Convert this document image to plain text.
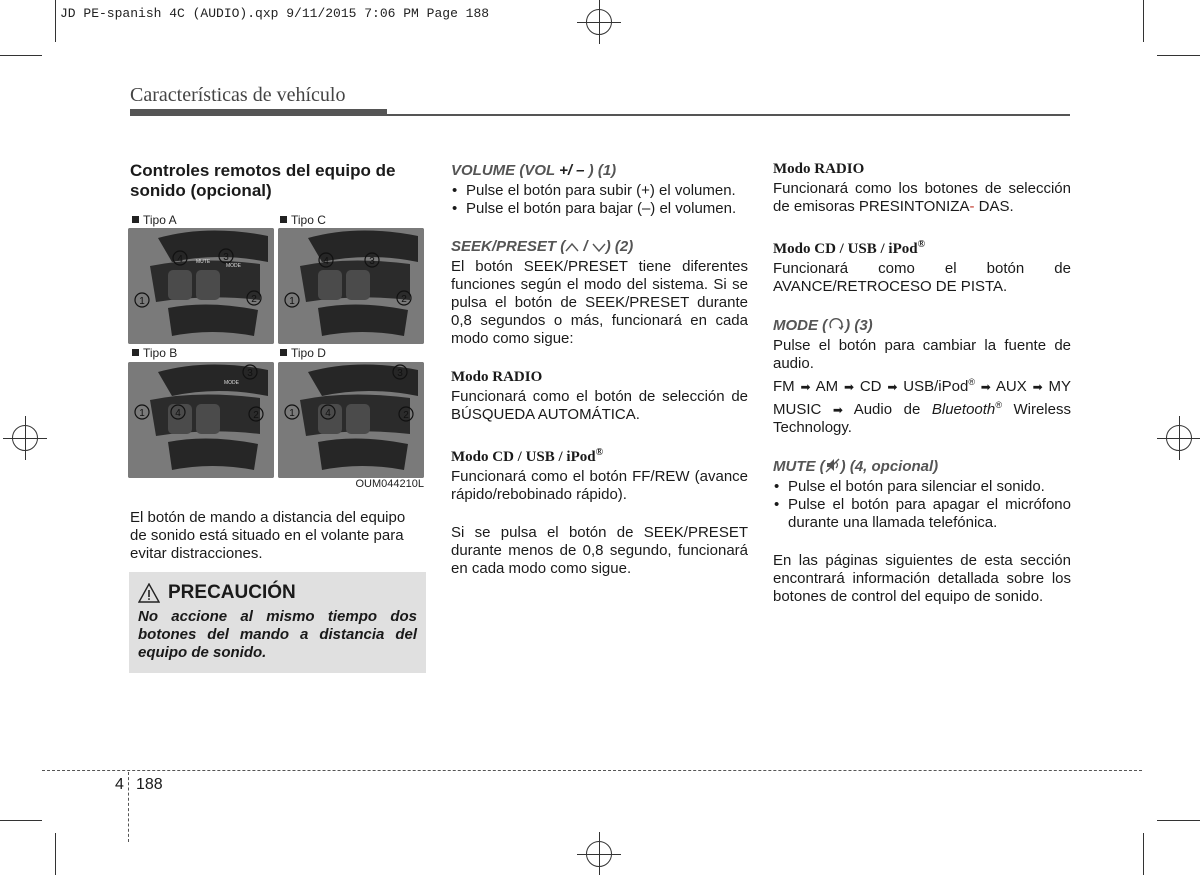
JD PE-spanish 4C (AUDIO).qxp 9/11/2015 7:06 PM Page 188
Características de vehículo
Controles remotos del equipo de sonido (opcional)
Tipo A
4	3
1	2
MUTE
MODE
Tipo C
4	3
1	2
Tipo B
3
1	4	2
MODE
Tipo D
3
1	4	2
OUM044210L
El botón de mando a distancia del equipo de sonido está situado en el volante para evitar distracciones.
PRECAUCIÓN
No accione al mismo tiempo dos botones del mando a distancia del equipo de sonido.
VOLUME (VOL +/ – ) (1)
• Pulse el botón para subir (+) el volumen.
• Pulse el botón para bajar (–) el volumen.
SEEK/PRESET ( / ) (2)
El botón SEEK/PRESET tiene diferentes funciones según el modo del sistema. Si se pulsa el botón de SEEK/PRESET durante 0,8 segundos o más, funcionará en cada modo como sigue:
Modo RADIO
Funcionará como el botón de selección de BÚSQUEDA AUTOMÁTICA.
Modo CD / USB / iPod®
Funcionará como el botón FF/REW (avance rápido/rebobinado rápido).
Si se pulsa el botón de SEEK/PRESET durante menos de 0,8 segundo, funcionará en cada modo como sigue.
Modo RADIO
Funcionará como los botones de selección de emisoras PRESINTONIZA- DAS.
Modo CD / USB / iPod®
Funcionará como el botón de AVANCE/RETROCESO DE PISTA.
MODE ( ) (3)
Pulse el botón para cambiar la fuente de audio.
FM ➡ AM ➡ CD ➡ USB/iPod® ➡ AUX ➡ MY MUSIC ➡ Audio de Bluetooth® Wireless Technology.
MUTE ( ) (4, opcional)
• Pulse el botón para silenciar el sonido.
• Pulse el botón para apagar el micrófono durante una llamada telefónica.
En las páginas siguientes de esta sección encontrará información detallada sobre los botones de control del equipo de sonido.
4 188
